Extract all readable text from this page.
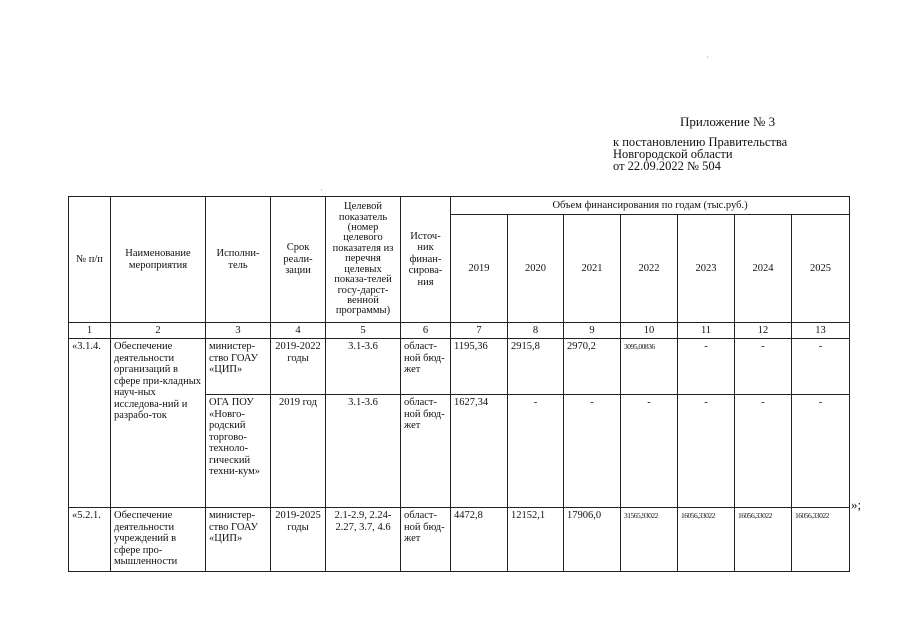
Приложение № 3
к постановлению Правительства
Новгородской области
от 22.09.2022 № 504
·
·
№ п/п	Наименование мероприятия	Исполни-тель	Срок реали-зации	Целевой показатель (номер целевого показателя из перечня целевых показа-телей госу-дарст-венной программы)	Источ-ник финан-сирова-ния	Объем финансирования по годам (тыс.руб.)						
						2019	2020	2021	2022	2023	2024	2025
1	2	3	4	5	6	7	8	9	10	11	12	13
«3.1.4.	Обеспечение деятельности организаций в сфере при-кладных науч-ных исследова-ний и разрабо-ток	министер-ство ГОАУ «ЦИП»	2019-2022 годы	3.1-3.6	област-ной бюд-жет	1195,36	2915,8	2970,2	3095,00836	-	-	-
		ОГА ПОУ «Новго-родский торгово-техноло-гический техни-кум»	2019 год	3.1-3.6	област-ной бюд-жет	1627,34	-	-	-	-	-	-
«5.2.1.	Обеспечение деятельности учреждений в сфере про-мышленности	министер-ство ГОАУ «ЦИП»	2019-2025 годы	2.1-2.9, 2.24-2.27, 3.7, 4.6	област-ной бюд-жет	4472,8	12152,1	17906,0	31565,93022	16056,33022	16056,33022	16056,33022
»;
